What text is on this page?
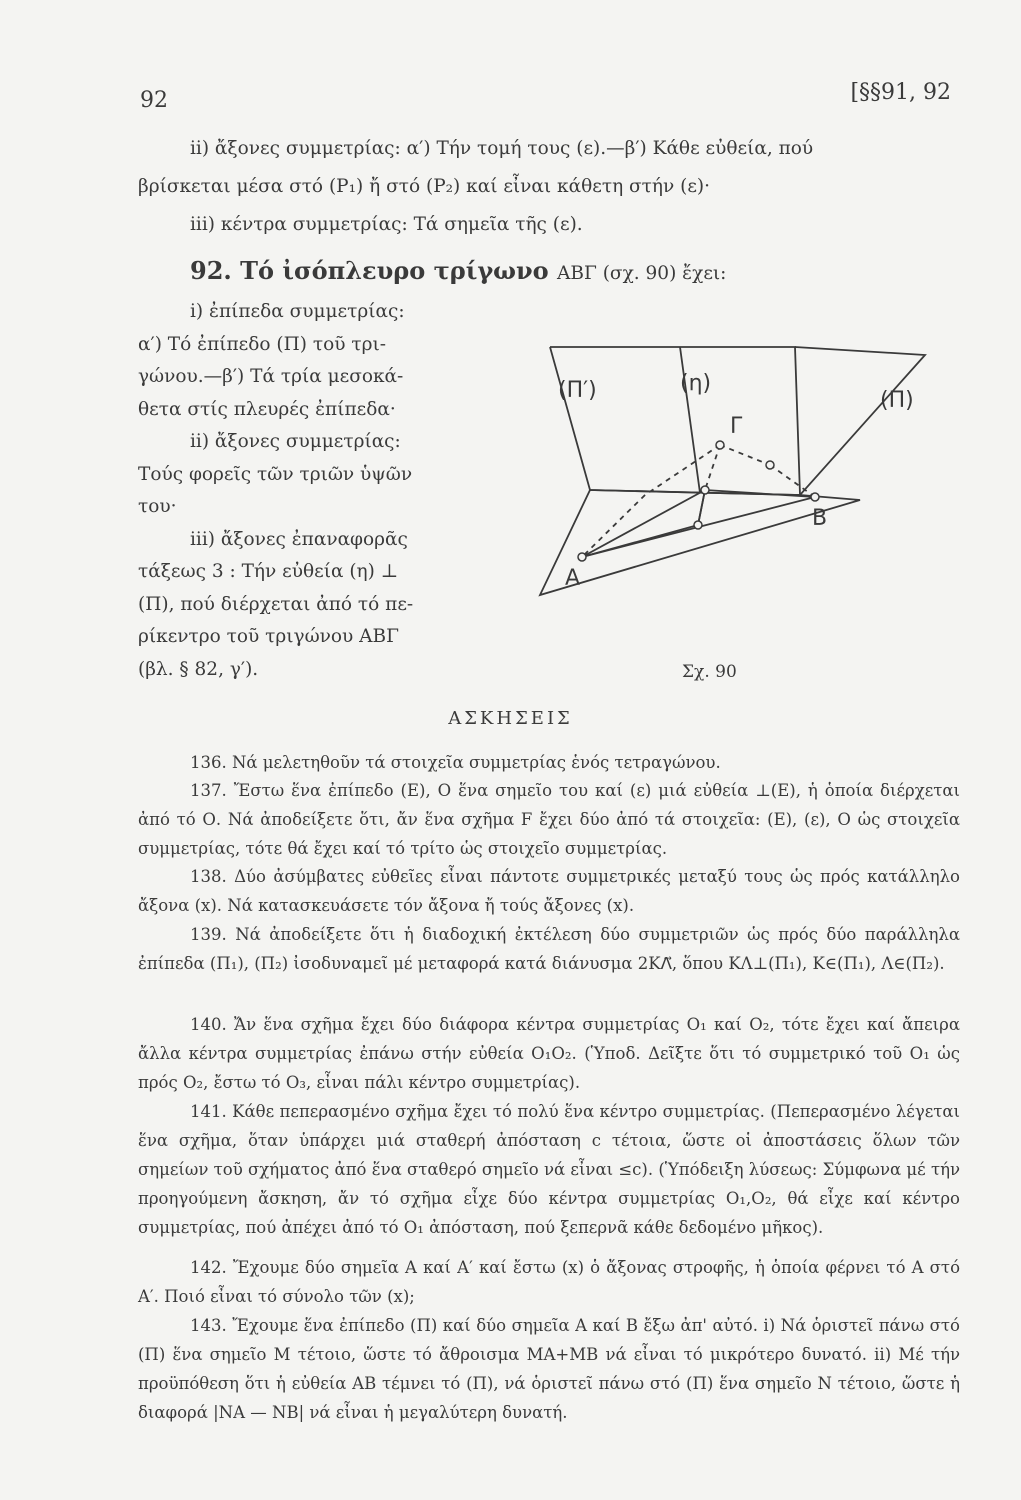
92	[§§91, 92
ii) ἄξονες συμμετρίας: α′) Τήν τομή τους (ε).—β′) Κάθε εὐθεία, πού
βρίσκεται μέσα στό (P₁) ἤ στό (P₂) καί εἶναι κάθετη στήν (ε)·
iii) κέντρα συμμετρίας: Τά σημεῖα τῆς (ε).
92. Τό ἰσόπλευρο τρίγωνο ΑΒΓ (σχ. 90) ἔχει:
i) ἐπίπεδα συμμετρίας:
α′) Τό ἐπίπεδο (Π) τοῦ τρι-
γώνου.—β′) Τά τρία μεσοκά-
θετα στίς πλευρές ἐπίπεδα·
ii) ἄξονες συμμετρίας:
Τούς φορεῖς τῶν τριῶν ὑψῶν
του·
iii) ἄξονες ἐπαναφορᾶς
τάξεως 3 : Τήν εὐθεία (η) ⊥
(Π), πού διέρχεται ἀπό τό πε-
ρίκεντρο τοῦ τριγώνου ΑΒΓ
(βλ. § 82, γ′).
(Π′)	(η)
(Π)
Γ
Β
Α
Σχ. 90
ΑΣΚΗΣΕΙΣ
136. Νά μελετηθοῦν τά στοιχεῖα συμμετρίας ἑνός τετραγώνου.
137. Ἔστω ἕνα ἐπίπεδο (Ε), Ο ἕνα σημεῖο του καί (ε) μιά εὐθεία ⊥(Ε), ἡ ὁποία διέρχεται ἀπό τό Ο. Νά ἀποδείξετε ὅτι, ἄν ἕνα σχῆμα F ἔχει δύο ἀπό τά στοιχεῖα: (Ε), (ε), Ο ὡς στοιχεῖα συμμετρίας, τότε θά ἔχει καί τό τρίτο ὡς στοιχεῖο συμμετρίας.
138. Δύο ἀσύμβατες εὐθεῖες εἶναι πάντοτε συμμετρικές μεταξύ τους ὡς πρός κατάλληλο ἄξονα (x). Νά κατασκευάσετε τόν ἄξονα ἤ τούς ἄξονες (x).
139. Νά ἀποδείξετε ὅτι ἡ διαδοχική ἐκτέλεση δύο συμμετριῶν ὡς πρός δύο παράλληλα ἐπίπεδα (Π₁), (Π₂) ἰσοδυναμεῖ μέ μεταφορά κατά διάνυσμα 2ΚΛ⃗, ὅπου ΚΛ⊥(Π₁), Κ∈(Π₁), Λ∈(Π₂).
140. Ἄν ἕνα σχῆμα ἔχει δύο διάφορα κέντρα συμμετρίας Ο₁ καί Ο₂, τότε ἔχει καί ἄπειρα ἄλλα κέντρα συμμετρίας ἐπάνω στήν εὐθεία Ο₁Ο₂. (Ὑποδ. Δεῖξτε ὅτι τό συμμετρικό τοῦ Ο₁ ὡς πρός Ο₂, ἔστω τό Ο₃, εἶναι πάλι κέντρο συμμετρίας).
141. Κάθε πεπερασμένο σχῆμα ἔχει τό πολύ ἕνα κέντρο συμμετρίας. (Πεπερασμένο λέγεται ἕνα σχῆμα, ὅταν ὑπάρχει μιά σταθερή ἀπόσταση c τέτοια, ὥστε οἱ ἀποστάσεις ὅλων τῶν σημείων τοῦ σχήματος ἀπό ἕνα σταθερό σημεῖο νά εἶναι ≤c). (Ὑπόδειξη λύσεως: Σύμφωνα μέ τήν προηγούμενη ἄσκηση, ἄν τό σχῆμα εἶχε δύο κέντρα συμμετρίας Ο₁,Ο₂, θά εἶχε καί κέντρο συμμετρίας, πού ἀπέχει ἀπό τό Ο₁ ἀπόσταση, πού ξεπερνᾶ κάθε δεδομένο μῆκος).
142. Ἔχουμε δύο σημεῖα Α καί Α′ καί ἔστω (x) ὁ ἄξονας στροφῆς, ἡ ὁποία φέρνει τό Α στό Α′. Ποιό εἶναι τό σύνολο τῶν (x);
143. Ἔχουμε ἕνα ἐπίπεδο (Π) καί δύο σημεῖα Α καί Β ἔξω ἀπ' αὐτό. i) Νά ὁριστεῖ πάνω στό (Π) ἕνα σημεῖο Μ τέτοιο, ὥστε τό ἄθροισμα ΜΑ+ΜΒ νά εἶναι τό μικρότερο δυνατό. ii) Μέ τήν προϋπόθεση ὅτι ἡ εὐθεία ΑΒ τέμνει τό (Π), νά ὁριστεῖ πάνω στό (Π) ἕνα σημεῖο Ν τέτοιο, ὥστε ἡ διαφορά |ΝΑ — ΝΒ| νά εἶναι ἡ μεγαλύτερη δυνατή.
